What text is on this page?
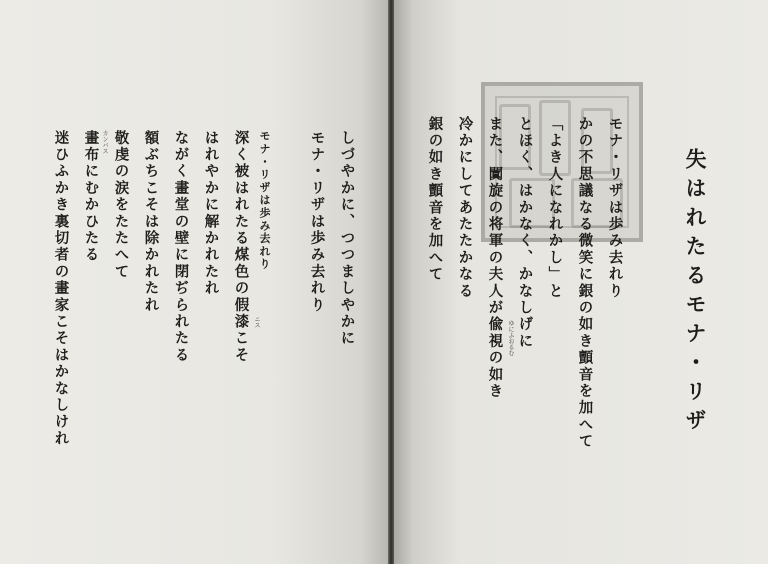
しづやかに、つつましやかに

モナ・リザは歩み去れり

モナ・リザは歩み去れり

深く被はれたる煤色の假漆こそ ニス

はれやかに解かれたれ

ながく畫堂の壁に閉ぢられたる

額ぶちこそは除かれたれ

敬虔の涙をたたへて

畫布にむかひたる カンバス

迷ひふかき裏切者の畫家こそはかなしけれ	失はれたるモナ・リザ

モナ・リザは歩み去れり

かの不思議なる微笑に銀の如き顫音を加へて

「よき人になれかし」と

とほく、はかなく、かなしげに

また、闐旋の将軍の夫人が偸視の如き ゆにふおるむ

冷かにしてあたたかなる

銀の如き顫音を加へて
